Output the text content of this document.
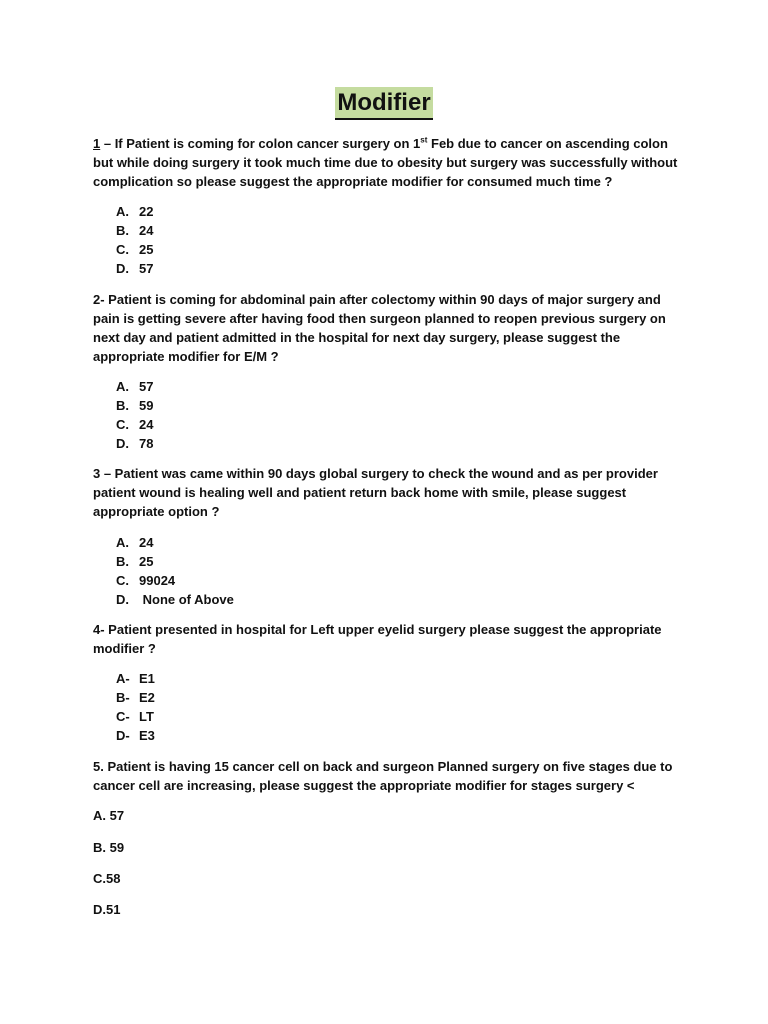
Modifier

1 – If Patient is coming for colon cancer surgery on 1st Feb due to cancer on ascending colon but while doing surgery it took much time due to obesity but surgery was successfully without complication so please suggest the appropriate modifier for consumed much time ?

A. 22
B. 24
C. 25
D. 57

2- Patient is coming for abdominal pain after colectomy within 90 days of major surgery and pain is getting severe after having food then surgeon planned to reopen previous surgery on next day and patient admitted in the hospital for next day surgery, please suggest the appropriate modifier for E/M ?

A. 57
B. 59
C. 24
D. 78

3 – Patient was came within 90 days global surgery to check the wound and as per provider patient wound is healing well and patient return back home with smile, please suggest appropriate option ?

A. 24
B. 25
C. 99024
D. None of Above

4- Patient presented in hospital for Left upper eyelid surgery please suggest the appropriate modifier ?

A- E1
B- E2
C- LT
D- E3

5. Patient is having 15 cancer cell on back and surgeon Planned surgery on five stages due to cancer cell are increasing, please suggest the appropriate modifier for stages surgery <

A. 57
B. 59
C.58
D.51
